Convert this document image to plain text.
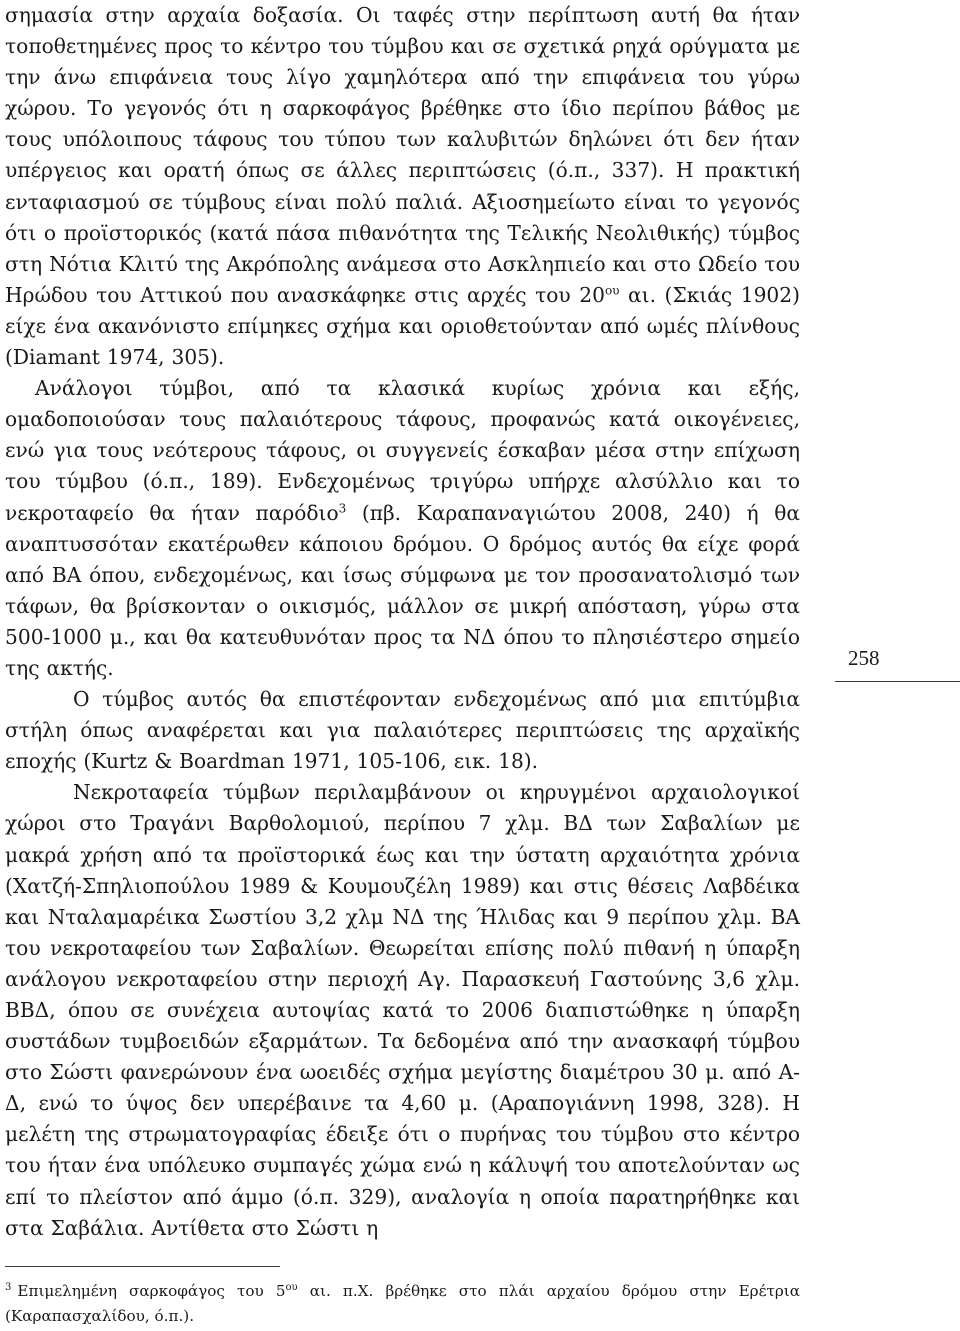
σημασία στην αρχαία δοξασία. Οι ταφές στην περίπτωση αυτή θα ήταν τοποθετημένες προς το κέντρο του τύμβου και σε σχετικά ρηχά ορύγματα με την άνω επιφάνεια τους λίγο χαμηλότερα από την επιφάνεια του γύρω χώρου. Το γεγονός ότι η σαρκοφάγος βρέθηκε στο ίδιο περίπου βάθος με τους υπόλοιπους τάφους του τύπου των καλυβιτών δηλώνει ότι δεν ήταν υπέργειος και ορατή όπως σε άλλες περιπτώσεις (ό.π., 337). Η πρακτική ενταφιασμού σε τύμβους είναι πολύ παλιά. Αξιοσημείωτο είναι το γεγονός ότι ο προϊστορικός (κατά πάσα πιθανότητα της Τελικής Νεολιθικής) τύμβος στη Νότια Κλιτύ της Ακρόπολης ανάμεσα στο Ασκληπιείο και στο Ωδείο του Ηρώδου του Αττικού που ανασκάφηκε στις αρχές του $20^{o\upsilon}$ αι. (Σκιάς 1902) είχε ένα ακανόνιστο επίμηκες σχήμα και οριοθετούνταν από ωμές πλίνθους (Diamant 1974, 305).

Ανάλογοι τύμβοι, από τα κλασικά κυρίως χρόνια και εξής, ομαδοποιούσαν τους παλαιότερους τάφους, προφανώς κατά οικογένειες, ενώ για τους νεότερους τάφους, οι συγγενείς έσκαβαν μέσα στην επίχωση του τύμβου (ό.π., 189). Ενδεχομένως τριγύρω υπήρχε αλσύλλιο και το νεκροταφείο θα ήταν παρόδιο$^3$ (πβ. Καραπαναγιώτου 2008, 240) ή θα αναπτυσσόταν εκατέρωθεν κάποιου δρόμου. Ο δρόμος αυτός θα είχε φορά από ΒΑ όπου, ενδεχομένως, και ίσως σύμφωνα με τον προσανατολισμό των τάφων, θα βρίσκονταν ο οικισμός, μάλλον σε μικρή απόσταση, γύρω στα 500-1000 μ., και θα κατευθυνόταν προς τα ΝΔ όπου το πλησιέστερο σημείο της ακτής.

Ο τύμβος αυτός θα επιστέφονταν ενδεχομένως από μια επιτύμβια στήλη όπως αναφέρεται και για παλαιότερες περιπτώσεις της αρχαϊκής εποχής (Kurtz & Boardman 1971, 105-106, εικ. 18).

Νεκροταφεία τύμβων περιλαμβάνουν οι κηρυγμένοι αρχαιολογικοί χώροι στο Τραγάνι Βαρθολομιού, περίπου 7 χλμ. ΒΔ των Σαβαλίων με μακρά χρήση από τα προϊστορικά έως και την ύστατη αρχαιότητα χρόνια (Χατζή-Σπηλιοπούλου 1989 & Κουμουζέλη 1989) και στις θέσεις Λαβδέικα και Νταλαμαρέικα Σωστίου 3,2 χλμ ΝΔ της Ήλιδας και 9 περίπου χλμ. ΒΑ του νεκροταφείου των Σαβαλίων. Θεωρείται επίσης πολύ πιθανή η ύπαρξη ανάλογου νεκροταφείου στην περιοχή Αγ. Παρασκευή Γαστούνης 3,6 χλμ. ΒΒΔ, όπου σε συνέχεια αυτοψίας κατά το 2006 διαπιστώθηκε η ύπαρξη συστάδων τυμβοειδών εξαρμάτων. Τα δεδομένα από την ανασκαφή τύμβου στο Σώστι φανερώνουν ένα ωοειδές σχήμα μεγίστης διαμέτρου 30 μ. από Α-Δ, ενώ το ύψος δεν υπερέβαινε τα 4,60 μ. (Αραπογιάννη 1998, 328). Η μελέτη της στρωματογραφίας έδειξε ότι ο πυρήνας του τύμβου στο κέντρο του ήταν ένα υπόλευκο συμπαγές χώμα ενώ η κάλυψή του αποτελούνταν ως επί το πλείστον από άμμο (ό.π. 329), αναλογία η οποία παρατηρήθηκε και στα Σαβάλια. Αντίθετα στο Σώστι η

258

$^3$ Επιμελημένη σαρκοφάγος του $5^{o\upsilon}$ αι. π.Χ. βρέθηκε στο πλάι αρχαίου δρόμου στην Ερέτρια (Καραπασχαλίδου, ό.π.).
